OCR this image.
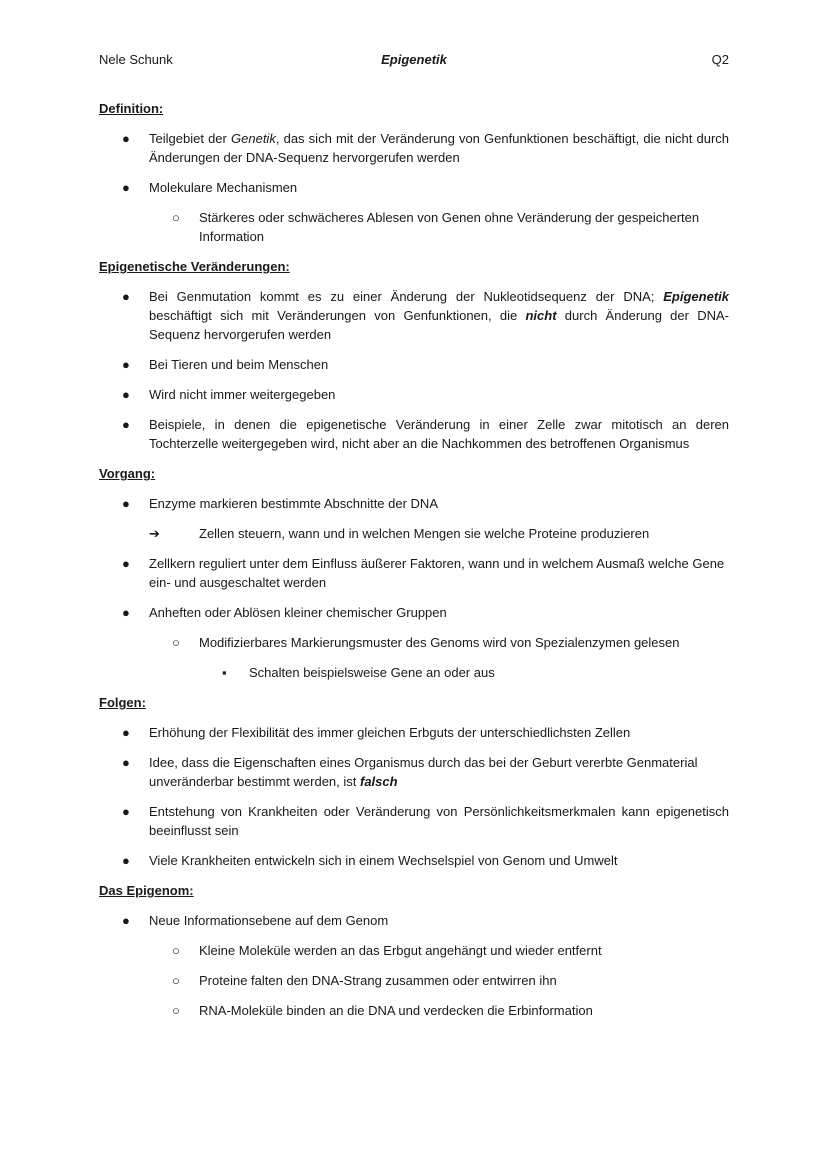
Nele Schunk	Epigenetik	Q2
Definition:
● Teilgebiet der Genetik, das sich mit der Veränderung von Genfunktionen beschäftigt, die nicht durch Änderungen der DNA-Sequenz hervorgerufen werden
● Molekulare Mechanismen
○ Stärkeres oder schwächeres Ablesen von Genen ohne Veränderung der gespeicherten Information
Epigenetische Veränderungen:
● Bei Genmutation kommt es zu einer Änderung der Nukleotidsequenz der DNA; Epigenetik beschäftigt sich mit Veränderungen von Genfunktionen, die nicht durch Änderung der DNA-Sequenz hervorgerufen werden
● Bei Tieren und beim Menschen
● Wird nicht immer weitergegeben
● Beispiele, in denen die epigenetische Veränderung in einer Zelle zwar mitotisch an deren Tochterzelle weitergegeben wird, nicht aber an die Nachkommen des betroffenen Organismus
Vorgang:
● Enzyme markieren bestimmte Abschnitte der DNA
➔	Zellen steuern, wann und in welchen Mengen sie welche Proteine produzieren
● Zellkern reguliert unter dem Einfluss äußerer Faktoren, wann und in welchem Ausmaß welche Gene ein- und ausgeschaltet werden
● Anheften oder Ablösen kleiner chemischer Gruppen
○ Modifizierbares Markierungsmuster des Genoms wird von Spezialenzymen gelesen
▪ Schalten beispielsweise Gene an oder aus
Folgen:
● Erhöhung der Flexibilität des immer gleichen Erbguts der unterschiedlichsten Zellen
● Idee, dass die Eigenschaften eines Organismus durch das bei der Geburt vererbte Genmaterial unveränderbar bestimmt werden, ist falsch
● Entstehung von Krankheiten oder Veränderung von Persönlichkeitsmerkmalen kann epigenetisch beeinflusst sein
● Viele Krankheiten entwickeln sich in einem Wechselspiel von Genom und Umwelt
Das Epigenom:
● Neue Informationsebene auf dem Genom
○ Kleine Moleküle werden an das Erbgut angehängt und wieder entfernt
○ Proteine falten den DNA-Strang zusammen oder entwirren ihn
○ RNA-Moleküle binden an die DNA und verdecken die Erbinformation
